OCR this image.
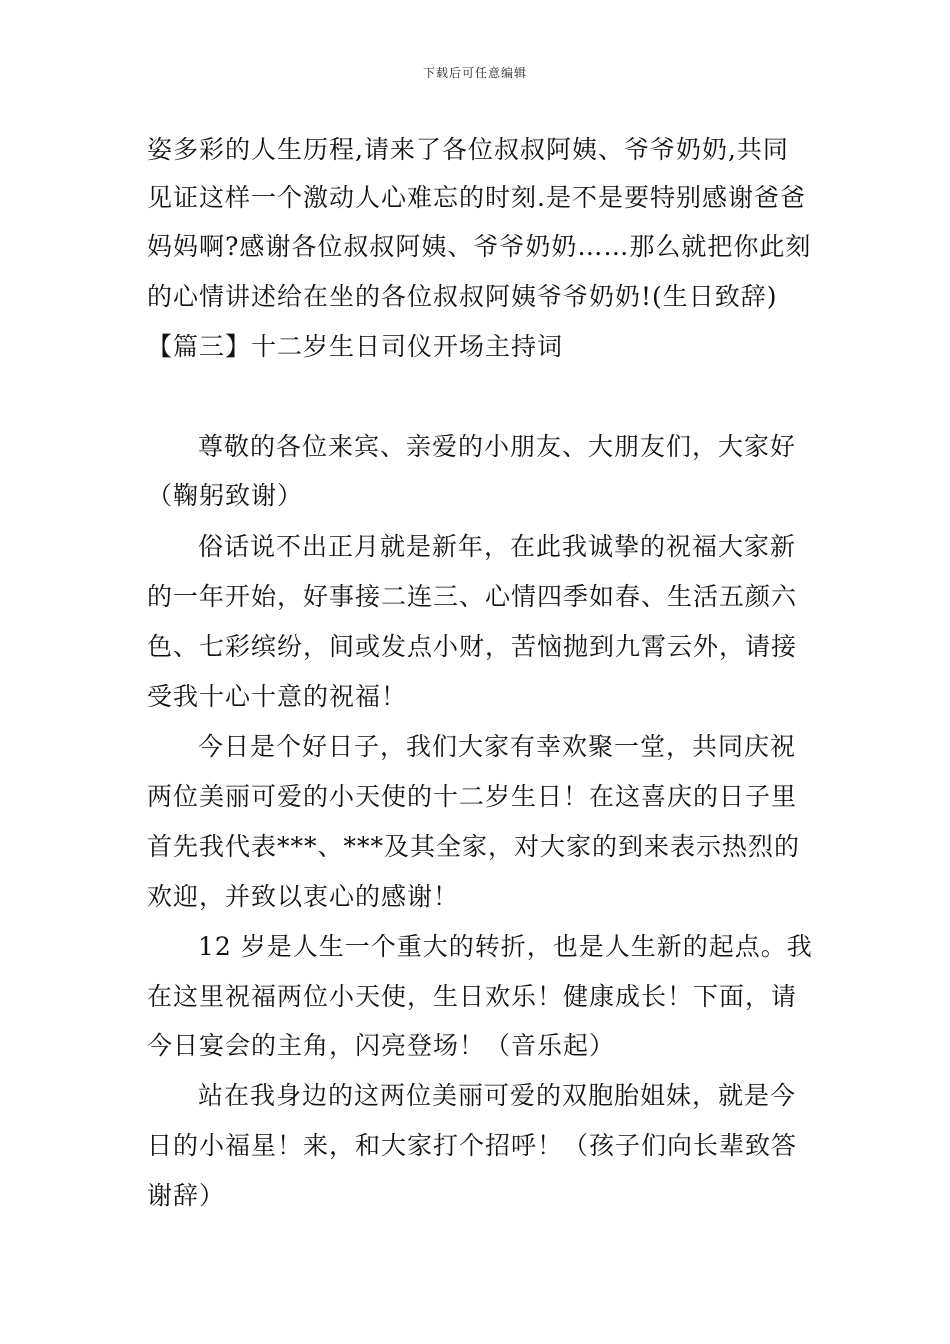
下载后可任意编辑
姿多彩的人生历程,请来了各位叔叔阿姨、爷爷奶奶,共同
见证这样一个激动人心难忘的时刻.是不是要特别感谢爸爸
妈妈啊?感谢各位叔叔阿姨、爷爷奶奶……那么就把你此刻
的心情讲述给在坐的各位叔叔阿姨爷爷奶奶!(生日致辞)
【篇三】十二岁生日司仪开场主持词
尊敬的各位来宾、亲爱的小朋友、大朋友们，大家好
（鞠躬致谢）
俗话说不出正月就是新年，在此我诚挚的祝福大家新
的一年开始，好事接二连三、心情四季如春、生活五颜六
色、七彩缤纷，间或发点小财，苦恼抛到九霄云外，请接
受我十心十意的祝福！
今日是个好日子，我们大家有幸欢聚一堂，共同庆祝
两位美丽可爱的小天使的十二岁生日！在这喜庆的日子里
首先我代表***、***及其全家，对大家的到来表示热烈的
欢迎，并致以衷心的感谢！
12 岁是人生一个重大的转折，也是人生新的起点。我
在这里祝福两位小天使，生日欢乐！健康成长！下面，请
今日宴会的主角，闪亮登场！（音乐起）
站在我身边的这两位美丽可爱的双胞胎姐妹，就是今
日的小福星！来，和大家打个招呼！（孩子们向长辈致答
谢辞）
